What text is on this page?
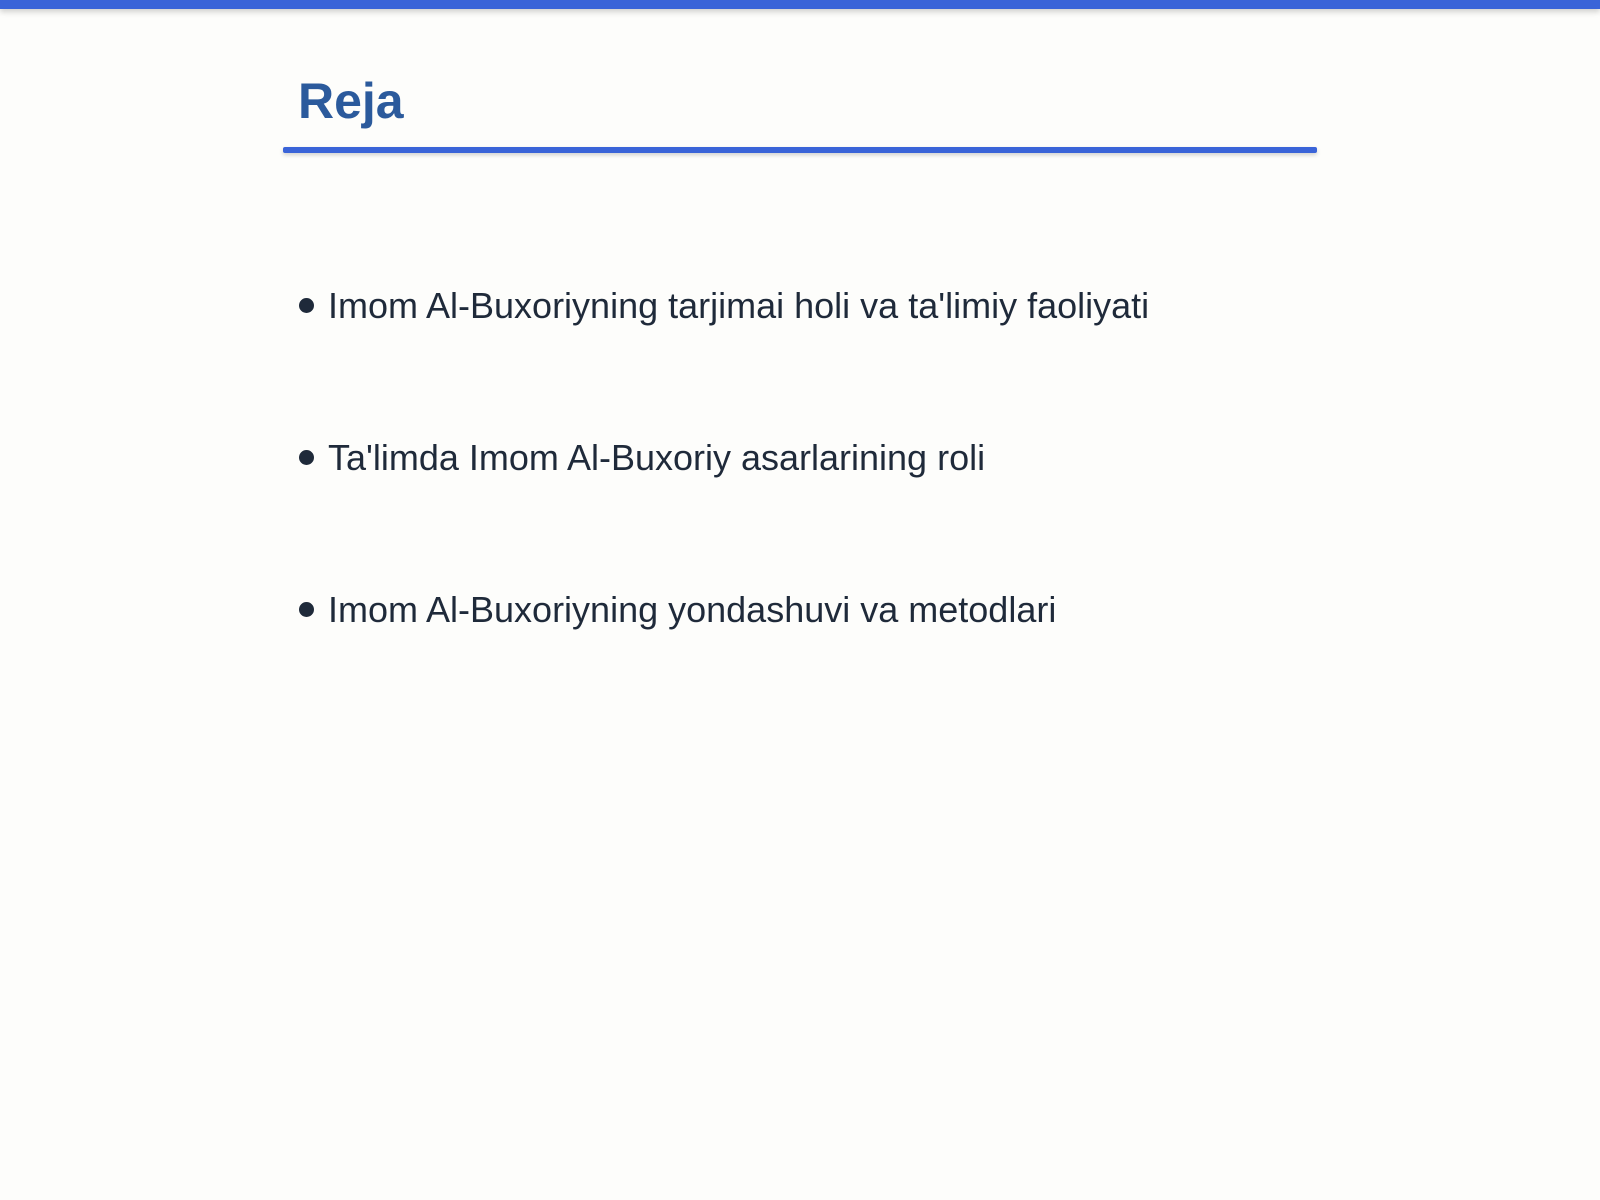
Reja
Imom Al-Buxoriyning tarjimai holi va ta'limiy faoliyati
Ta'limda Imom Al-Buxoriy asarlarining roli
Imom Al-Buxoriyning yondashuvi va metodlari
